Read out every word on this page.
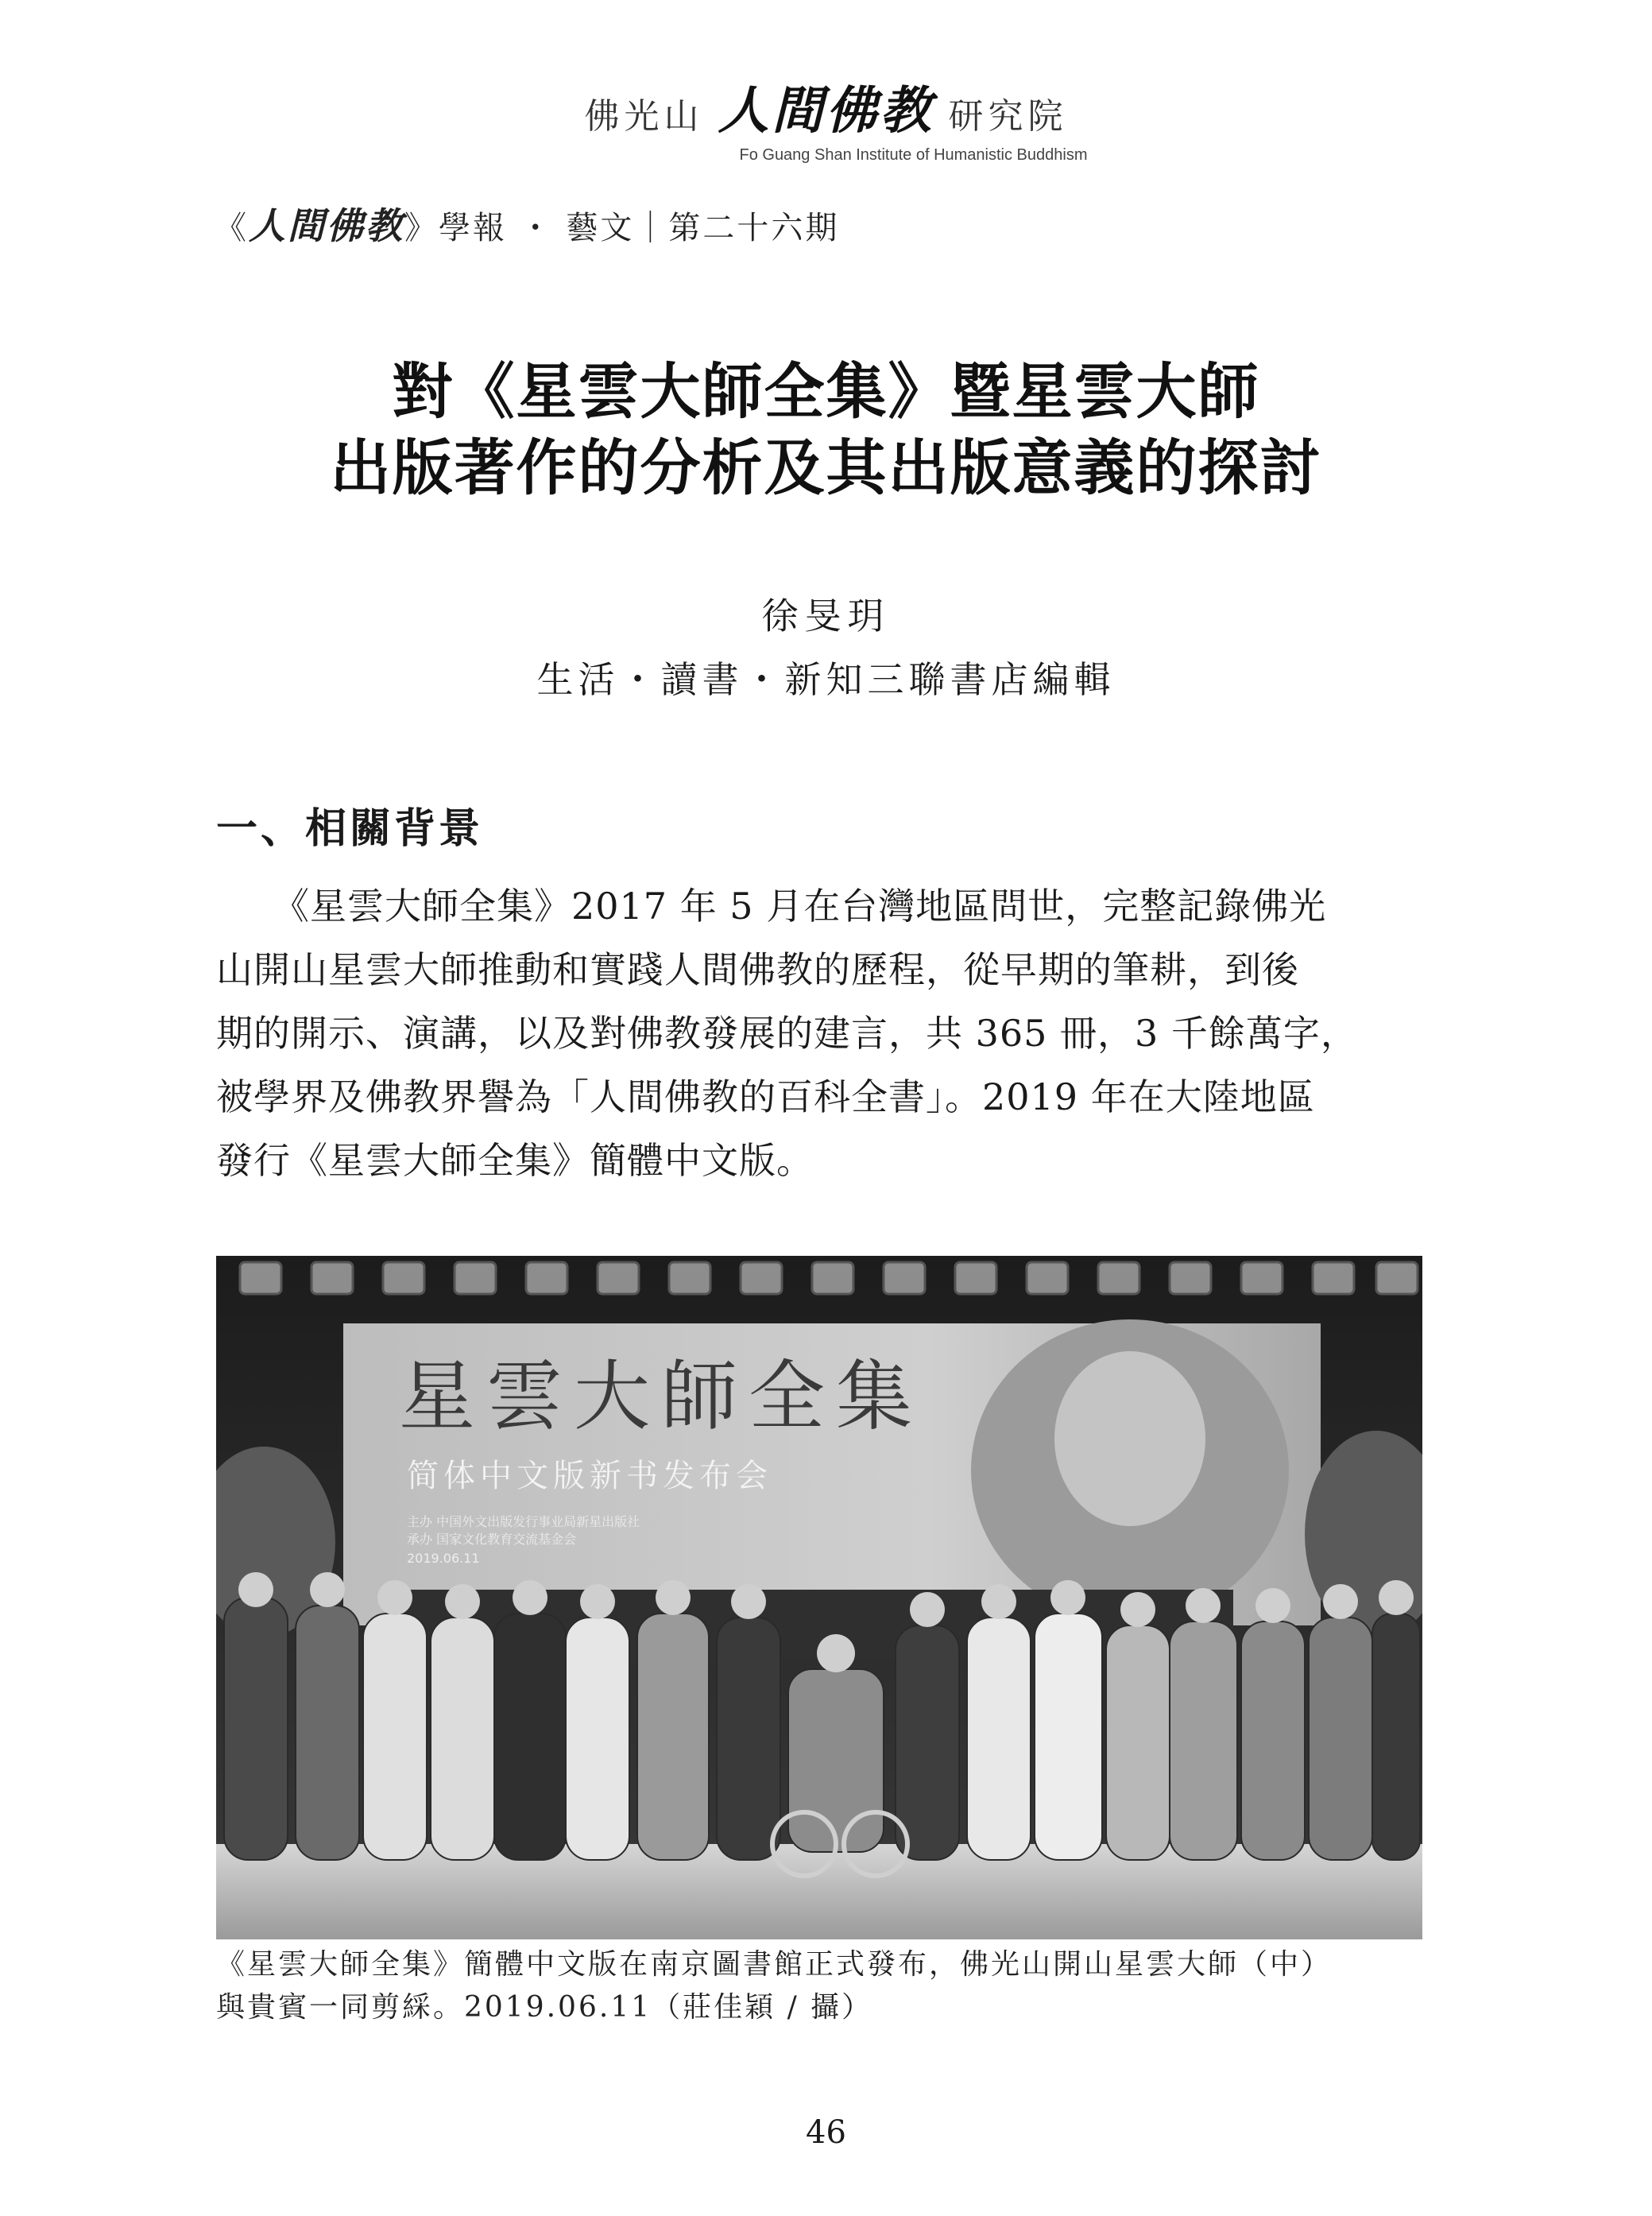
佛光山 人間佛教 研究院
Fo Guang Shan Institute of Humanistic Buddhism
《人間佛教》學報 ・ 藝文｜第二十六期
對《星雲大師全集》暨星雲大師
出版著作的分析及其出版意義的探討
徐旻玥
生活・讀書・新知三聯書店編輯
一、相關背景
　　《星雲大師全集》2017 年 5 月在台灣地區問世，完整記錄佛光
山開山星雲大師推動和實踐人間佛教的歷程，從早期的筆耕，到後
期的開示、演講，以及對佛教發展的建言，共 365 冊，3 千餘萬字，
被學界及佛教界譽為「人間佛教的百科全書」。2019 年在大陸地區
發行《星雲大師全集》簡體中文版。
星雲大師全集
简体中文版新书发布会
主办 中国外文出版发行事业局新星出版社
承办 国家文化教育交流基金会
2019.06.11
《星雲大師全集》簡體中文版在南京圖書館正式發布，佛光山開山星雲大師（中）
與貴賓一同剪綵。2019.06.11（莊佳穎 / 攝）
46
